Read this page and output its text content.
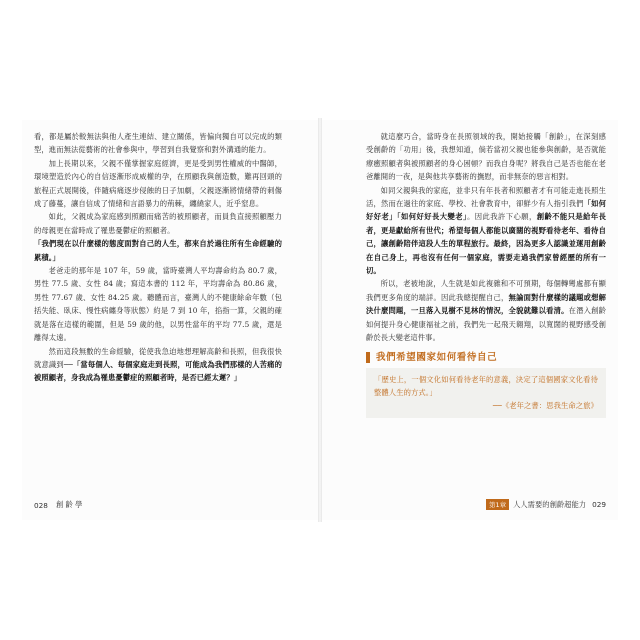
看，都是屬於較無法與他人產生連結、建立關係，皆偏向獨自可以完成的類型，進而無法從藝術的社會參與中，學習到自我覺察和對外溝通的能力。

加上長期以來，父親不僅掌握家庭經濟，更是受到男性權威的中醫師，環境塑造於內心的自信逐漸形成威權的孕，在照顧我與創造數，難再回頭的旅程正式展開後，伴隨病痛逐步侵蝕的日子加劇，父親逐漸將情緒帶的刺傷成了藤蔓，讓自信成了情緒和言語暴力的荊棘，纏繞家人，近乎窒息。

如此，父親成為家庭感到照顧而痛苦的被照顧者，而員負直接照顧壓力的母親更在當時成了罹患憂鬱症的照顧者。

「我們現在以什麼樣的態度面對自己的人生，都來自於過往所有生命經驗的累積。」

老爸走的那年是 107 年，59 歲，當時臺灣人平均壽命約為 80.7 歲，男性 77.5 歲、女性 84 歲；寫這本書的 112 年，平均壽命為 80.86 歲，男性 77.67 歲、女性 84.25 歲。聽體而言，臺灣人的不健康餘命年數（包括失能、臥床、慢性病纏身等狀態）約是 7 到 10 年，掐指一算，父親的確就是落在這樣的範圍，但是 59 歲的他，以男性當年的平均 77.5 歲，還是離得太遠。

然而這段無數的生命經驗，從使我急迫地想理解高齡和長照，但我很快就意識到──「當每個人、每個家庭走到長照，可能成為我們那樣的人苦痛的被照顧者，身我成為罹患憂鬱症的照顧者時，是否已經太遲？」

028 創 齡 學

就這麼巧合，當時身在長照領域的我，開始接觸「創齡」，在深刻感受創齡的「功用」後，我想知道，倘若當初父親也能參與創齡，是否就能療癒照顧者與被照顧者的身心困頓？而我自身呢？將我自己是否也能在老爸離開的一夜，是與他共享藝術的撫慰，而非無奈的惡言相對。

如同父親與我的家庭，並非只有年長者和照顧者才有可能走進長照生活，然而在過往的家庭、學校、社會教育中，卻鮮少有人指引我們「如何好好老」「如何好好長大變老」。因此我許下心願，創齡不能只是給年長者，更是獻給所有世代；希望每個人都能以廣闊的視野看待老年、看待自己，讓創齡陪伴這段人生的單程旅行。最終，因為更多人認識並運用創齡在自己身上，再也沒有任何一個家庭，需要走過我們家曾經歷的所有一切。

所以，老被地說，人生就是如此複雜和不可預期，每個轉彎處都有顯我們更多角度的端詳。因此我總提醒自己，無論面對什麼樣的議題或想解決什麼問題，一旦落入見樹不見林的情況，全貌就難以看清。在潛入創齡如何提升身心健康福祉之前，我們先一起飛天翱翔，以寬闊的視野感受創齡於長大變老這件事。

我們希望國家如何看待自己
「歷史上，一個文化如何看待老年的意義，決定了這個國家文化看待整體人生的方式。」
──《老年之書：思我生命之旅》
第1章 人人需要的創齡超能力 029
